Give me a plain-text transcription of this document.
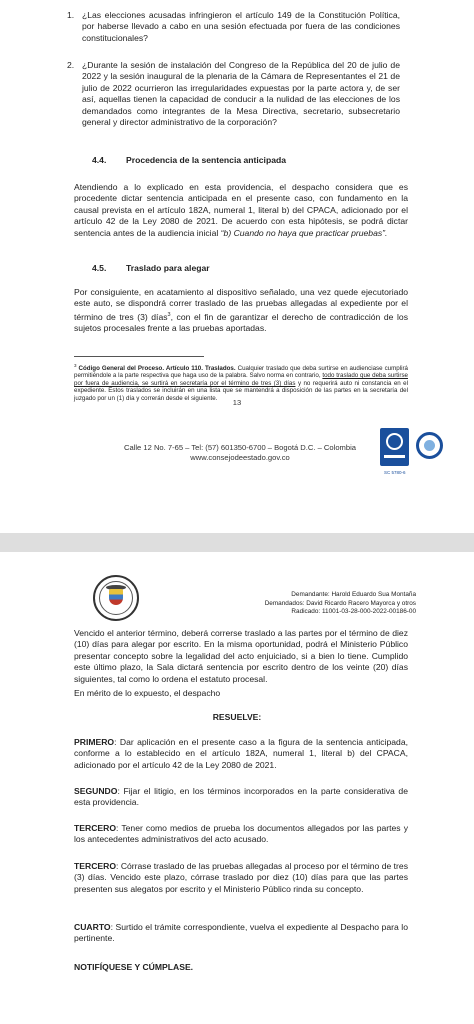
1. ¿Las elecciones acusadas infringieron el artículo 149 de la Constitución Política, por haberse llevado a cabo en una sesión efectuada por fuera de las condiciones constitucionales?
2. ¿Durante la sesión de instalación del Congreso de la República del 20 de julio de 2022 y la sesión inaugural de la plenaria de la Cámara de Representantes el 21 de julio de 2022 ocurrieron las irregularidades expuestas por la parte actora y, de ser así, aquellas tienen la capacidad de conducir a la nulidad de las elecciones de los demandados como integrantes de la Mesa Directiva, secretario, subsecretario general y director administrativo de la corporación?
4.4. Procedencia de la sentencia anticipada
Atendiendo a lo explicado en esta providencia, el despacho considera que es procedente dictar sentencia anticipada en el presente caso, con fundamento en la causal prevista en el artículo 182A, numeral 1, literal b) del CPACA, adicionado por el artículo 42 de la Ley 2080 de 2021. De acuerdo con esta hipótesis, se podrá dictar sentencia antes de la audiencia inicial “b) Cuando no haya que practicar pruebas”.
4.5. Traslado para alegar
Por consiguiente, en acatamiento al dispositivo señalado, una vez quede ejecutoriado este auto, se dispondrá correr traslado de las pruebas allegadas al expediente por el término de tres (3) días$^3$, con el fin de garantizar el derecho de contradicción de los sujetos procesales frente a las pruebas aportadas.
$^3$ Código General del Proceso. Artículo 110. Traslados. Cualquier traslado que deba surtirse en audienciase cumplirá permitiéndole a la parte respectiva que haga uso de la palabra. Salvo norma en contrario, todo traslado que deba surtirse por fuera de audiencia, se surtirá en secretaría por el término de tres (3) días y no requerirá auto ni constancia en el expediente. Estos traslados se incluirán en una lista que se mantendrá a disposición de las partes en la secretaría del juzgado por un (1) día y correrán desde el siguiente.	13
Calle 12 No. 7-65 – Tel: (57) 601350-6700 – Bogotá D.C. – Colombia
www.consejodeestado.gov.co
SC 5780-6
Demandante: Harold Eduardo Sua Montaña
Demandados: David Ricardo Racero Mayorca y otros
Radicado: 11001-03-28-000-2022-00186-00
Vencido el anterior término, deberá correrse traslado a las partes por el término de diez (10) días para alegar por escrito. En la misma oportunidad, podrá el Ministerio Público presentar concepto sobre la legalidad del acto enjuiciado, si a bien lo tiene. Cumplido este último plazo, la Sala dictará sentencia por escrito dentro de los veinte (20) días siguientes, tal como lo ordena el estatuto procesal.
En mérito de lo expuesto, el despacho
RESUELVE:
PRIMERO: Dar aplicación en el presente caso a la figura de la sentencia anticipada, conforme a lo establecido en el artículo 182A, numeral 1, literal b) del CPACA, adicionado por el artículo 42 de la Ley 2080 de 2021.
SEGUNDO: Fijar el litigio, en los términos incorporados en la parte considerativa de esta providencia.
TERCERO: Tener como medios de prueba los documentos allegados por las partes y los antecedentes administrativos del acto acusado.
TERCERO: Córrase traslado de las pruebas allegadas al proceso por el término de tres (3) días. Vencido este plazo, córrase traslado por diez (10) días para que las partes presenten sus alegatos por escrito y el Ministerio Público rinda su concepto.
CUARTO: Surtido el trámite correspondiente, vuelva el expediente al Despacho para lo pertinente.
NOTIFÍQUESE Y CÚMPLASE.
